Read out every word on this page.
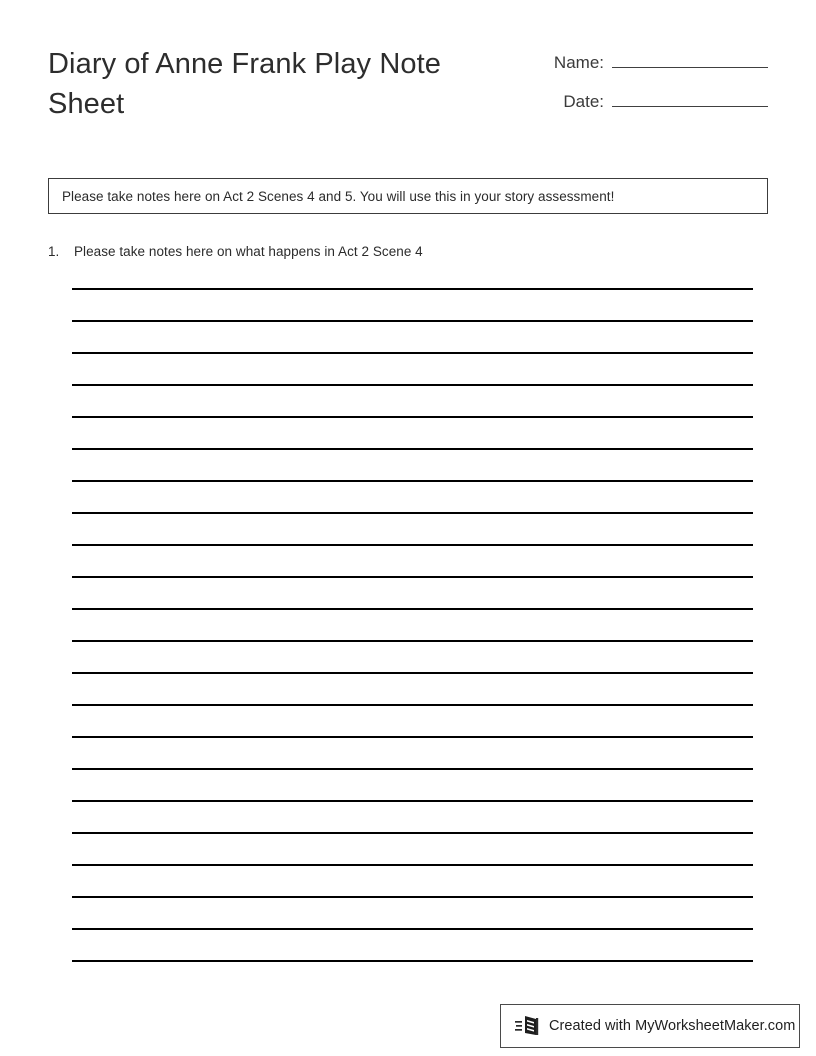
Diary of Anne Frank Play Note Sheet
Name:
Date:
Please take notes here on Act 2 Scenes 4 and 5. You will use this in your story assessment!
1.	Please take notes here on what happens in Act 2 Scene 4
Created with MyWorksheetMaker.com
